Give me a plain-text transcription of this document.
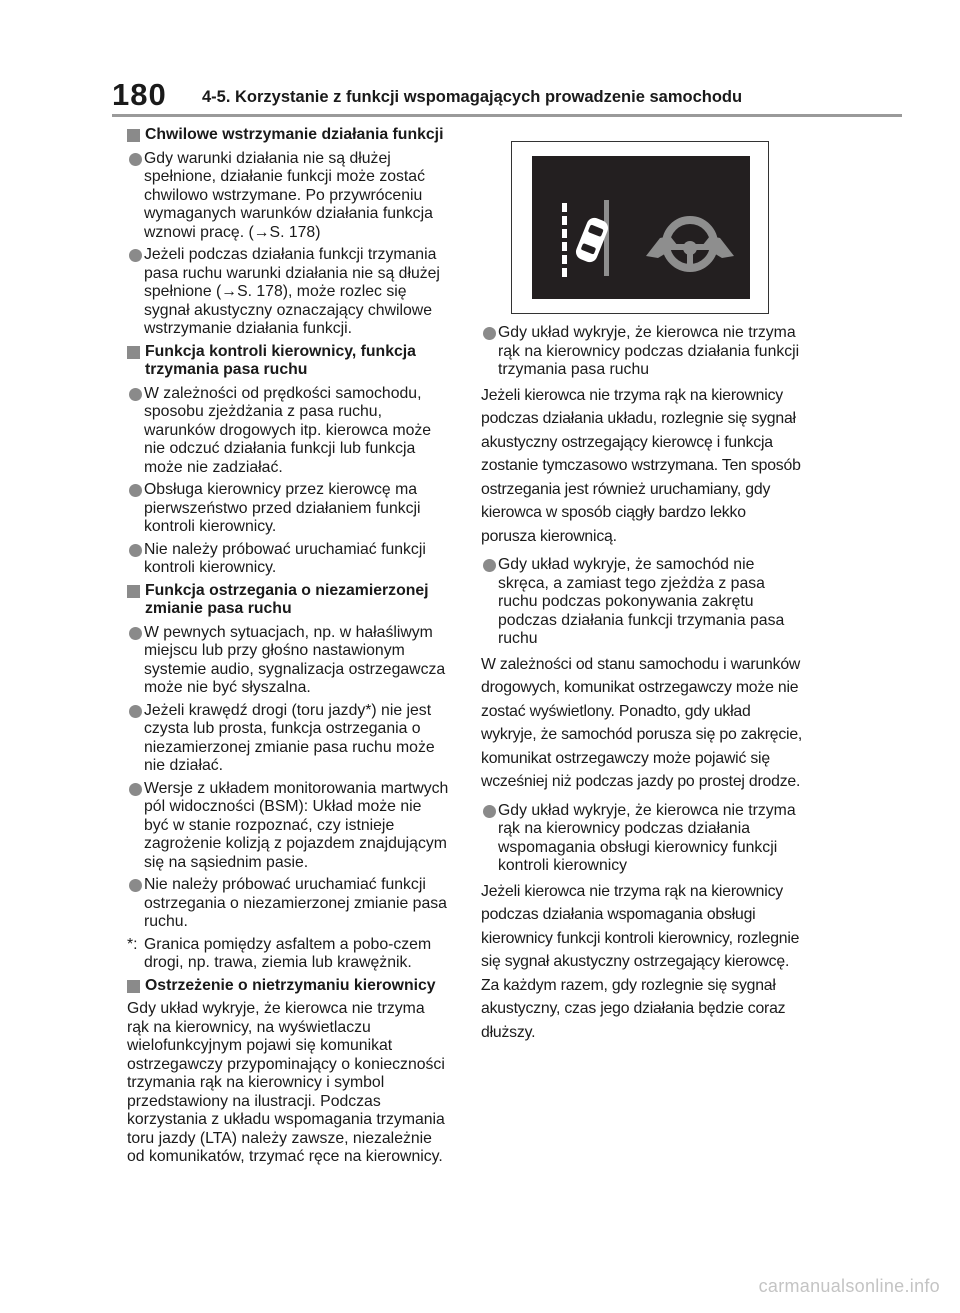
180 4-5. Korzystanie z funkcji wspomagających prowadzenie samochodu
Chwilowe wstrzymanie działania funkcji
Gdy warunki działania nie są dłużej spełnione, działanie funkcji może zostać chwilowo wstrzymane. Po przywróceniu wymaganych warunków działania funkcja wznowi pracę. (→S. 178)
Jeżeli podczas działania funkcji trzymania pasa ruchu warunki działania nie są dłużej spełnione (→S. 178), może rozlec się sygnał akustyczny oznaczający chwilowe wstrzymanie działania funkcji.
Funkcja kontroli kierownicy, funkcja trzymania pasa ruchu
W zależności od prędkości samochodu, sposobu zjeżdżania z pasa ruchu, warunków drogowych itp. kierowca może nie odczuć działania funkcji lub funkcja może nie zadziałać.
Obsługa kierownicy przez kierowcę ma pierwszeństwo przed działaniem funkcji kontroli kierownicy.
Nie należy próbować uruchamiać funkcji kontroli kierownicy.
Funkcja ostrzegania o niezamierzonej zmianie pasa ruchu
W pewnych sytuacjach, np. w hałaśliwym miejscu lub przy głośno nastawionym systemie audio, sygnalizacja ostrzegawcza może nie być słyszalna.
Jeżeli krawędź drogi (toru jazdy*) nie jest czysta lub prosta, funkcja ostrzegania o niezamierzonej zmianie pasa ruchu może nie działać.
Wersje z układem monitorowania martwych pól widoczności (BSM): Układ może nie być w stanie rozpoznać, czy istnieje zagrożenie kolizją z pojazdem znajdującym się na sąsiednim pasie.
Nie należy próbować uruchamiać funkcji ostrzegania o niezamierzonej zmianie pasa ruchu.
*: Granica pomiędzy asfaltem a pobo-czem drogi, np. trawa, ziemia lub krawężnik.
Ostrzeżenie o nietrzymaniu kierownicy
Gdy układ wykryje, że kierowca nie trzyma rąk na kierownicy, na wyświetlaczu wielofunkcyjnym pojawi się komunikat ostrzegawczy przypominający o konieczności trzymania rąk na kierownicy i symbol przedstawiony na ilustracji. Podczas korzystania z układu wspomagania trzymania toru jazdy (LTA) należy zawsze, niezależnie od komunikatów, trzymać ręce na kierownicy.
Gdy układ wykryje, że kierowca nie trzyma rąk na kierownicy podczas działania funkcji trzymania pasa ruchu
Jeżeli kierowca nie trzyma rąk na kierownicy podczas działania układu, rozlegnie się sygnał akustyczny ostrzegający kierowcę i funkcja zostanie tymczasowo wstrzymana. Ten sposób ostrzegania jest również uruchamiany, gdy kierowca w sposób ciągły bardzo lekko porusza kierownicą.
Gdy układ wykryje, że samochód nie skręca, a zamiast tego zjeżdża z pasa ruchu podczas pokonywania zakrętu podczas działania funkcji trzymania pasa ruchu
W zależności od stanu samochodu i warunków drogowych, komunikat ostrzegawczy może nie zostać wyświetlony. Ponadto, gdy układ wykryje, że samochód porusza się po zakręcie, komunikat ostrzegawczy może pojawić się wcześniej niż podczas jazdy po prostej drodze.
Gdy układ wykryje, że kierowca nie trzyma rąk na kierownicy podczas działania wspomagania obsługi kierownicy funkcji kontroli kierownicy
Jeżeli kierowca nie trzyma rąk na kierownicy podczas działania wspomagania obsługi kierownicy funkcji kontroli kierownicy, rozlegnie się sygnał akustyczny ostrzegający kierowcę. Za każdym razem, gdy rozlegnie się sygnał akustyczny, czas jego działania będzie coraz dłuższy.
carmanualsonline.info
